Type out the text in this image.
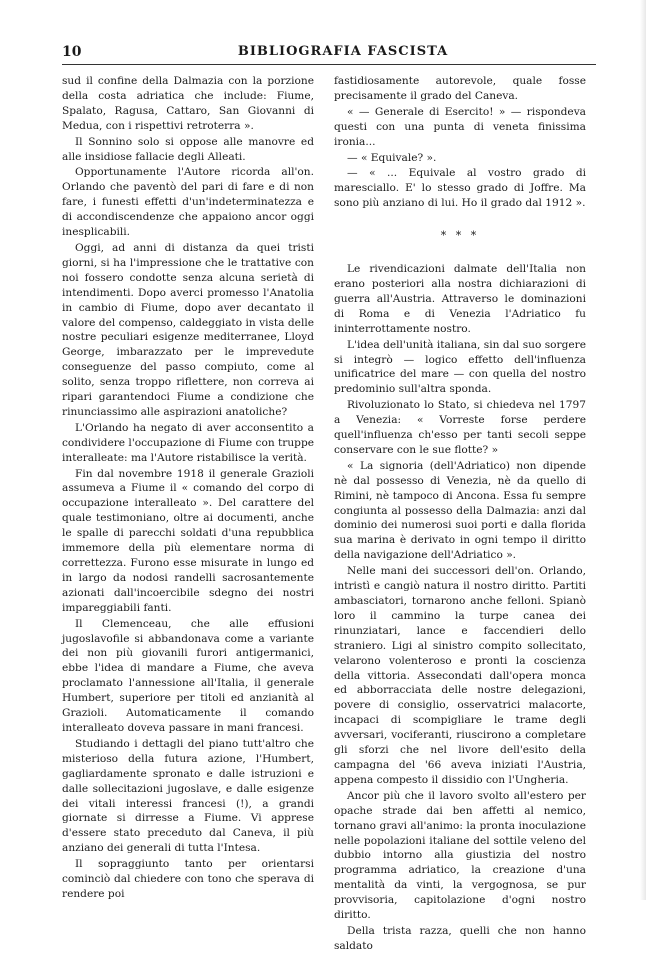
10	BIBLIOGRAFIA FASCISTA

sud il confine della Dalmazia con la porzione della costa adriatica che include: Fiume, Spalato, Ragusa, Cattaro, San Giovanni di Medua, con i rispettivi retroterra ».

Il Sonnino solo si oppose alle manovre ed alle insidiose fallacie degli Alleati.

Opportunamente l'Autore ricorda all'on. Orlando che paventò del pari di fare e di non fare, i funesti effetti d'un'indeterminatezza e di accondiscendenze che appaiono ancor oggi inesplicabili.

Oggi, ad anni di distanza da quei tristi giorni, si ha l'impressione che le trattative con noi fossero condotte senza alcuna serietà di intendimenti. Dopo averci promesso l'Anatolia in cambio di Fiume, dopo aver decantato il valore del compenso, caldeggiato in vista delle nostre peculiari esigenze mediterranee, Lloyd George, imbarazzato per le imprevedute conseguenze del passo compiuto, come al solito, senza troppo riflettere, non correva ai ripari garantendoci Fiume a condizione che rinunciassimo alle aspirazioni anatoliche?

L'Orlando ha negato di aver acconsentito a condividere l'occupazione di Fiume con truppe interalleate: ma l'Autore ristabilisce la verità.

Fin dal novembre 1918 il generale Grazioli assumeva a Fiume il « comando del corpo di occupazione interalleato ». Del carattere del quale testimoniano, oltre ai documenti, anche le spalle di parecchi soldati d'una repubblica immemore della più elementare norma di correttezza. Furono esse misurate in lungo ed in largo da nodosi randelli sacrosantemente azionati dall'incoercibile sdegno dei nostri impareggiabili fanti.

Il Clemenceau, che alle effusioni jugoslavofile si abbandonava come a variante dei non più giovanili furori antigermanici, ebbe l'idea di mandare a Fiume, che aveva proclamato l'annessione all'Italia, il generale Humbert, superiore per titoli ed anzianità al Grazioli. Automaticamente il comando interalleato doveva passare in mani francesi.

Studiando i dettagli del piano tutt'altro che misterioso della futura azione, l'Humbert, gagliardamente spronato e dalle istruzioni e dalle sollecitazioni jugoslave, e dalle esigenze dei vitali interessi francesi (!), a grandi giornate si dirresse a Fiume. Vi apprese d'essere stato preceduto dal Caneva, il più anziano dei generali di tutta l'Intesa.

Il sopraggiunto tanto per orientarsi cominciò dal chiedere con tono che sperava di rendere poi

fastidiosamente autorevole, quale fosse precisamente il grado del Caneva.

« — Generale di Esercito! » — rispondeva questi con una punta di veneta finissima ironia...

— « Equivale? ».

— « ... Equivale al vostro grado di maresciallo. E' lo stesso grado di Joffre. Ma sono più anziano di lui. Ho il grado dal 1912 ».

* * *

Le rivendicazioni dalmate dell'Italia non erano posteriori alla nostra dichiarazioni di guerra all'Austria. Attraverso le dominazioni di Roma e di Venezia l'Adriatico fu ininterrottamente nostro.

L'idea dell'unità italiana, sin dal suo sorgere si integrò — logico effetto dell'influenza unificatrice del mare — con quella del nostro predominio sull'altra sponda.

Rivoluzionato lo Stato, si chiedeva nel 1797 a Venezia: « Vorreste forse perdere quell'influenza ch'esso per tanti secoli seppe conservare con le sue flotte? »

« La signoria (dell'Adriatico) non dipende nè dal possesso di Venezia, nè da quello di Rimini, nè tampoco di Ancona. Essa fu sempre congiunta al possesso della Dalmazia: anzi dal dominio dei numerosi suoi porti e dalla florida sua marina è derivato in ogni tempo il diritto della navigazione dell'Adriatico ».

Nelle mani dei successori dell'on. Orlando, intristì e cangiò natura il nostro diritto. Partiti ambasciatori, tornarono anche felloni. Spianò loro il cammino la turpe canea dei rinunziatari, lance e faccendieri dello straniero. Ligi al sinistro compito sollecitato, velarono volenteroso e pronti la coscienza della vittoria. Assecondati dall'opera monca ed abborracciata delle nostre delegazioni, povere di consiglio, osservatrici malacorte, incapaci di scompigliare le trame degli avversari, vociferanti, riuscirono a completare gli sforzi che nel livore dell'esito della campagna del '66 aveva iniziati l'Austria, appena compesto il dissidio con l'Ungheria.

Ancor più che il lavoro svolto all'estero per opache strade dai ben affetti al nemico, tornano gravi all'animo: la pronta inoculazione nelle popolazioni italiane del sottile veleno del dubbio intorno alla giustizia del nostro programma adriatico, la creazione d'una mentalità da vinti, la vergognosa, se pur provvisoria, capitolazione d'ogni nostro diritto.

Della trista razza, quelli che non hanno saldato
